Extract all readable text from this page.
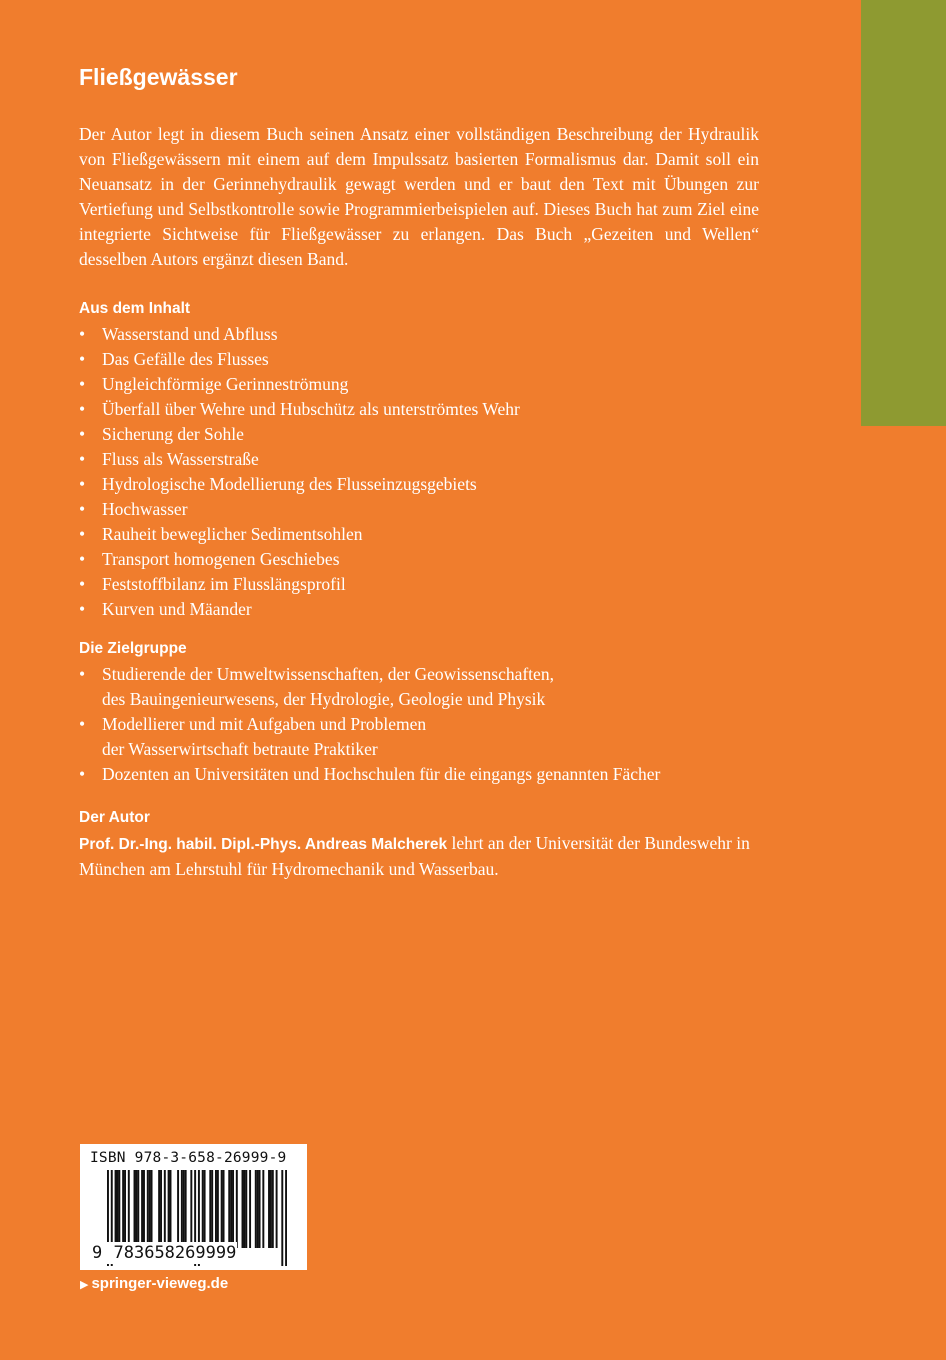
Fließgewässer

Der Autor legt in diesem Buch seinen Ansatz einer vollständigen Beschreibung der Hydraulik von Fließgewässern mit einem auf dem Impulssatz basierten Formalismus dar. Damit soll ein Neuansatz in der Gerinnehydraulik gewagt werden und er baut den Text mit Übungen zur Vertiefung und Selbstkontrolle sowie Programmierbeispielen auf. Dieses Buch hat zum Ziel eine integrierte Sichtweise für Fließgewässer zu erlangen. Das Buch „Gezeiten und Wellen“ desselben Autors ergänzt diesen Band.

Aus dem Inhalt
• Wasserstand und Abfluss
• Das Gefälle des Flusses
• Ungleichförmige Gerinneströmung
• Überfall über Wehre und Hubschütz als unterströmtes Wehr
• Sicherung der Sohle
• Fluss als Wasserstraße
• Hydrologische Modellierung des Flusseinzugsgebiets
• Hochwasser
• Rauheit beweglicher Sedimentsohlen
• Transport homogenen Geschiebes
• Feststoffbilanz im Flusslängsprofil
• Kurven und Mäander
Die Zielgruppe
• Studierende der Umweltwissenschaften, der Geowissenschaften,
des Bauingenieurwesens, der Hydrologie, Geologie und Physik
• Modellierer und mit Aufgaben und Problemen
der Wasserwirtschaft betraute Praktiker
• Dozenten an Universitäten und Hochschulen für die eingangs genannten Fächer
Der Autor

Prof. Dr.-Ing. habil. Dipl.-Phys. Andreas Malcherek lehrt an der Universität der Bundeswehr in München am Lehrstuhl für Hydromechanik und Wasserbau.

ISBN 978-3-658-26999-9
9 783658269999
▶ springer-vieweg.de
